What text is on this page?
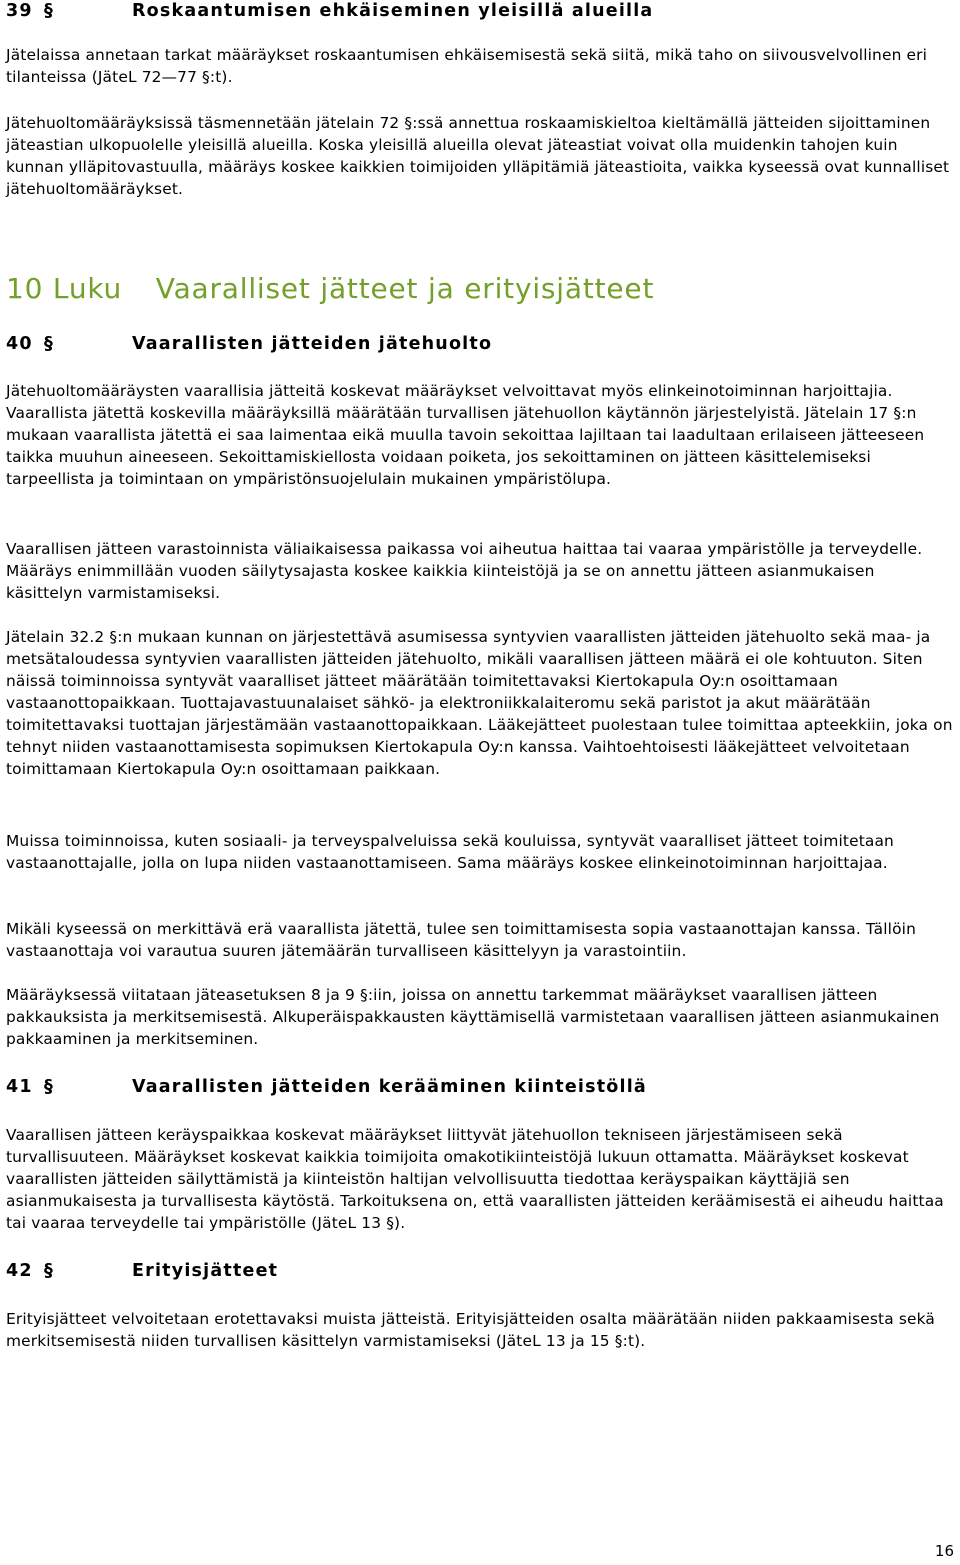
39 §	Roskaantumisen ehkäiseminen yleisillä alueilla

Jätelaissa annetaan tarkat määräykset roskaantumisen ehkäisemisestä sekä siitä, mikä taho on siivousvelvollinen eri tilanteissa (JäteL 72—77 §:t).

Jätehuoltomääräyksissä täsmennetään jätelain 72 §:ssä annettua roskaamiskieltoa kieltämällä jätteiden sijoittaminen jäteastian ulkopuolelle yleisillä alueilla. Koska yleisillä alueilla olevat jäteastiat voivat olla muidenkin tahojen kuin kunnan ylläpitovastuulla, määräys koskee kaikkien toimijoiden ylläpitämiä jäteastioita, vaikka kyseessä ovat kunnalliset jätehuoltomääräykset.

10 Luku Vaaralliset jätteet ja erityisjätteet
40 §	Vaarallisten jätteiden jätehuolto

Jätehuoltomääräysten vaarallisia jätteitä koskevat määräykset velvoittavat myös elinkeinotoiminnan harjoittajia. Vaarallista jätettä koskevilla määräyksillä määrätään turvallisen jätehuollon käytännön järjestelyistä. Jätelain 17 §:n mukaan vaarallista jätettä ei saa laimentaa eikä muulla tavoin sekoittaa lajiltaan tai laadultaan erilaiseen jätteeseen taikka muuhun aineeseen. Sekoittamiskiellosta voidaan poiketa, jos sekoittaminen on jätteen käsittelemiseksi tarpeellista ja toimintaan on ympäristönsuojelulain mukainen ympäristölupa.

Vaarallisen jätteen varastoinnista väliaikaisessa paikassa voi aiheutua haittaa tai vaaraa ympäristölle ja terveydelle. Määräys enimmillään vuoden säilytysajasta koskee kaikkia kiinteistöjä ja se on annettu jätteen asianmukaisen käsittelyn varmistamiseksi.

Jätelain 32.2 §:n mukaan kunnan on järjestettävä asumisessa syntyvien vaarallisten jätteiden jätehuolto sekä maa- ja metsätaloudessa syntyvien vaarallisten jätteiden jätehuolto, mikäli vaarallisen jätteen määrä ei ole kohtuuton. Siten näissä toiminnoissa syntyvät vaaralliset jätteet määrätään toimitettavaksi Kiertokapula Oy:n osoittamaan vastaanottopaikkaan. Tuottajavastuunalaiset sähkö- ja elektroniikkalaiteromu sekä paristot ja akut määrätään toimitettavaksi tuottajan järjestämään vastaanottopaikkaan. Lääkejätteet puolestaan tulee toimittaa apteekkiin, joka on tehnyt niiden vastaanottamisesta sopimuksen Kiertokapula Oy:n kanssa. Vaihtoehtoisesti lääkejätteet velvoitetaan toimittamaan Kiertokapula Oy:n osoittamaan paikkaan.

Muissa toiminnoissa, kuten sosiaali- ja terveyspalveluissa sekä kouluissa, syntyvät vaaralliset jätteet toimitetaan vastaanottajalle, jolla on lupa niiden vastaanottamiseen. Sama määräys koskee elinkeinotoiminnan harjoittajaa.

Mikäli kyseessä on merkittävä erä vaarallista jätettä, tulee sen toimittamisesta sopia vastaanottajan kanssa. Tällöin vastaanottaja voi varautua suuren jätemäärän turvalliseen käsittelyyn ja varastointiin.

Määräyksessä viitataan jäteasetuksen 8 ja 9 §:iin, joissa on annettu tarkemmat määräykset vaarallisen jätteen pakkauksista ja merkitsemisestä. Alkuperäispakkausten käyttämisellä varmistetaan vaarallisen jätteen asianmukainen pakkaaminen ja merkitseminen.

41 §	Vaarallisten jätteiden kerääminen kiinteistöllä

Vaarallisen jätteen keräyspaikkaa koskevat määräykset liittyvät jätehuollon tekniseen järjestämiseen sekä turvallisuuteen. Määräykset koskevat kaikkia toimijoita omakotikiinteistöjä lukuun ottamatta. Määräykset koskevat vaarallisten jätteiden säilyttämistä ja kiinteistön haltijan velvollisuutta tiedottaa keräyspaikan käyttäjiä sen asianmukaisesta ja turvallisesta käytöstä. Tarkoituksena on, että vaarallisten jätteiden keräämisestä ei aiheudu haittaa tai vaaraa terveydelle tai ympäristölle (JäteL 13 §).

42 §	Erityisjätteet

Erityisjätteet velvoitetaan erotettavaksi muista jätteistä. Erityisjätteiden osalta määrätään niiden pakkaamisesta sekä merkitsemisestä niiden turvallisen käsittelyn varmistamiseksi (JäteL 13 ja 15 §:t).

16
